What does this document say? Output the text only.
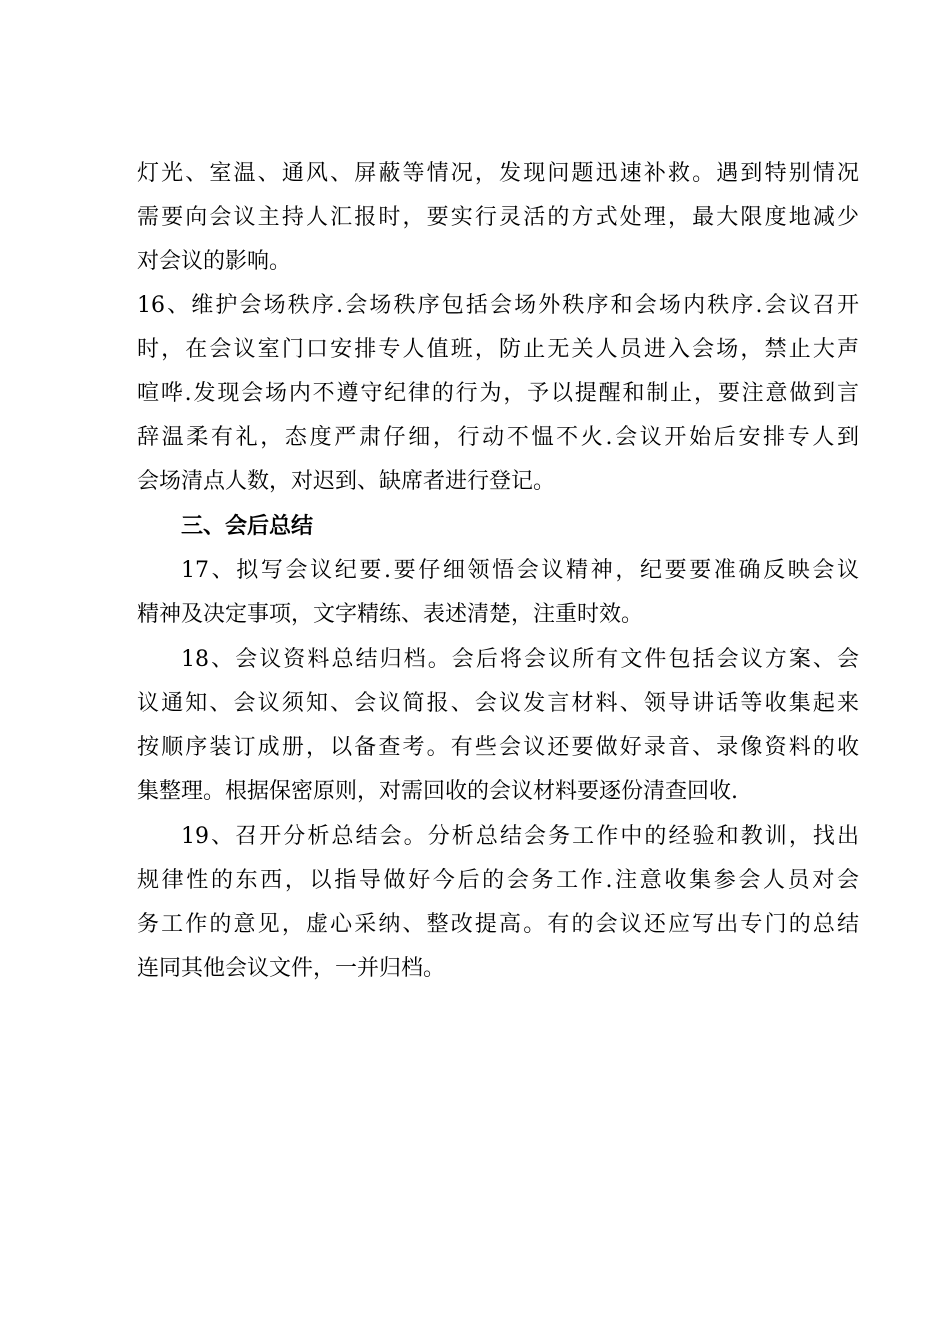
灯光、室温、通风、屏蔽等情况，发现问题迅速补救。遇到特别情况
需要向会议主持人汇报时，要实行灵活的方式处理，最大限度地减少
对会议的影响。
16、维护会场秩序.会场秩序包括会场外秩序和会场内秩序.会议召开
时，在会议室门口安排专人值班，防止无关人员进入会场，禁止大声
喧哗.发现会场内不遵守纪律的行为，予以提醒和制止，要注意做到言
辞温柔有礼，态度严肃仔细，行动不愠不火.会议开始后安排专人到
会场清点人数，对迟到、缺席者进行登记。
三、会后总结
17、拟写会议纪要.要仔细领悟会议精神，纪要要准确反映会议
精神及决定事项，文字精练、表述清楚，注重时效。
18、会议资料总结归档。会后将会议所有文件包括会议方案、会
议通知、会议须知、会议简报、会议发言材料、领导讲话等收集起来
按顺序装订成册，以备查考。有些会议还要做好录音、录像资料的收
集整理。根据保密原则，对需回收的会议材料要逐份清查回收.
19、召开分析总结会。分析总结会务工作中的经验和教训，找出
规律性的东西，以指导做好今后的会务工作.注意收集参会人员对会
务工作的意见，虚心采纳、整改提高。有的会议还应写出专门的总结
连同其他会议文件，一并归档。
